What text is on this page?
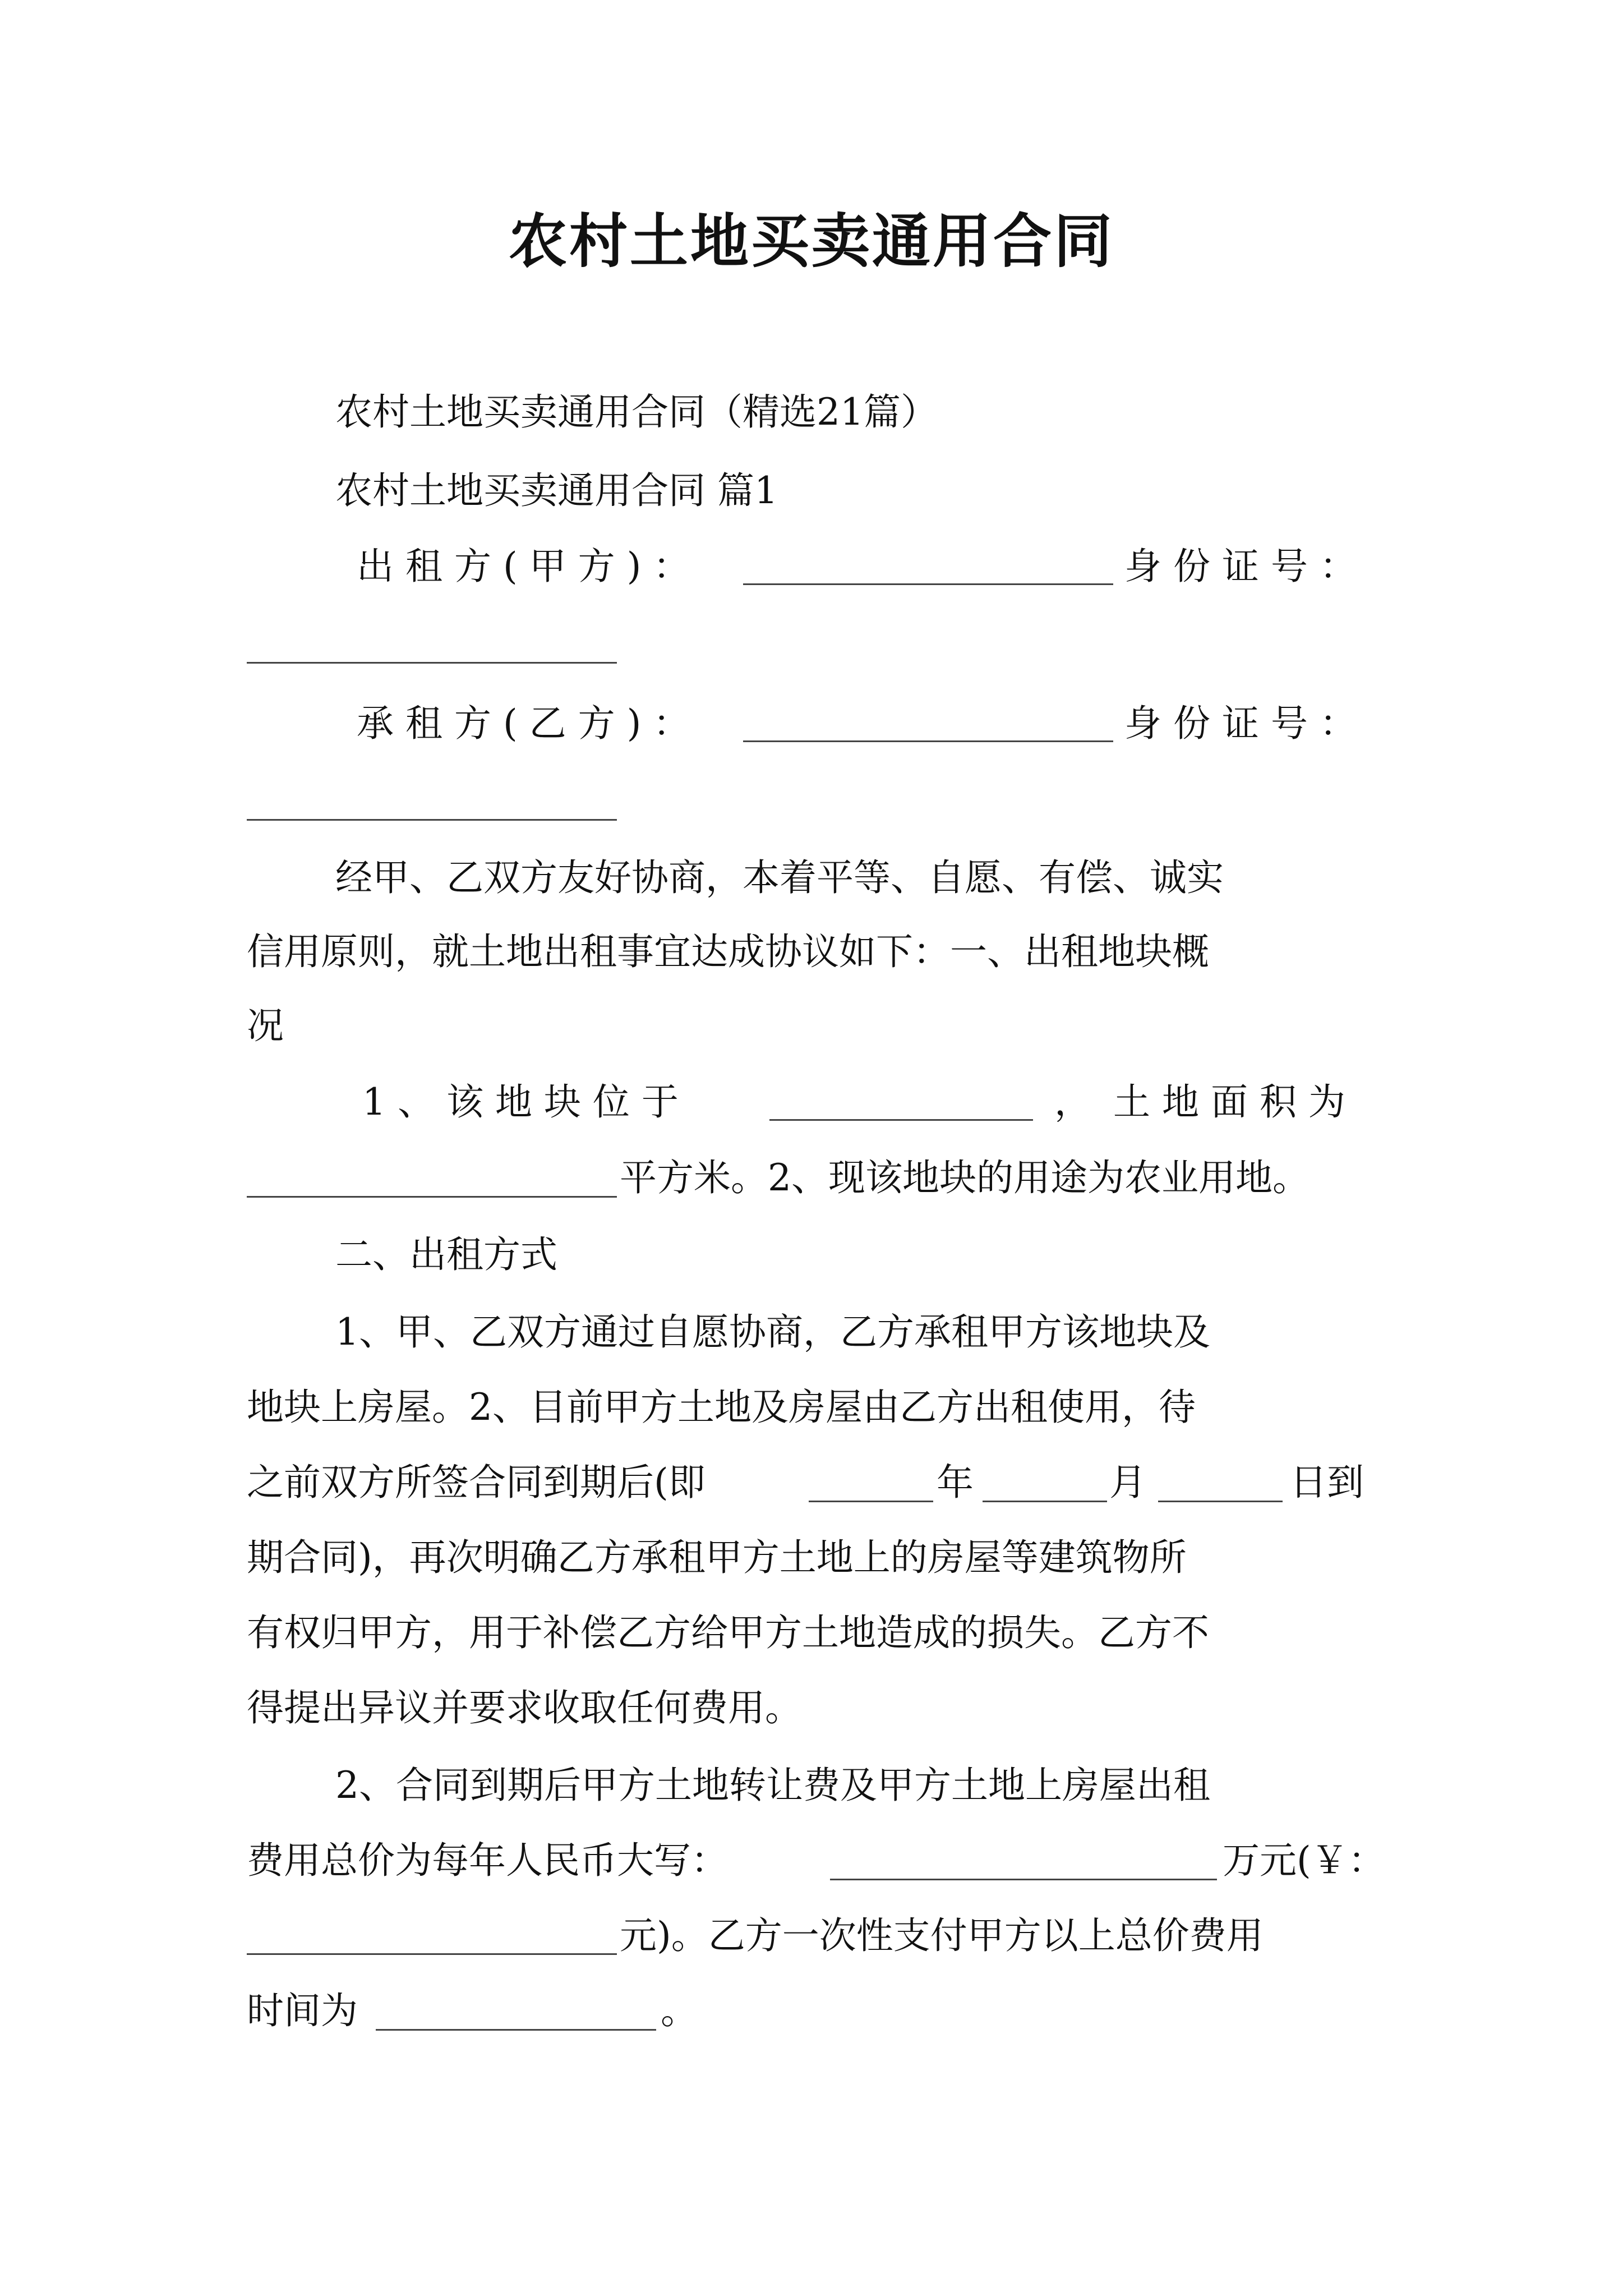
农村土地买卖通用合同
农村土地买卖通用合同（精选21篇）
农村土地买卖通用合同 篇1
出 租 方 ( 甲 方 ) ：	身 份 证 号 ：
承 租 方 ( 乙 方 ) ：	身 份 证 号 ：
经甲、乙双方友好协商，本着平等、自愿、有偿、诚实
信用原则，就土地出租事宜达成协议如下：一、出租地块概
况
1 、 该 地 块 位 于	， 土 地 面 积 为
平方米。2、现该地块的用途为农业用地。
二、出租方式
1、甲、乙双方通过自愿协商，乙方承租甲方该地块及
地块上房屋。2、目前甲方土地及房屋由乙方出租使用，待
之前双方所签合同到期后(即	年	月	日到
期合同)，再次明确乙方承租甲方土地上的房屋等建筑物所
有权归甲方，用于补偿乙方给甲方土地造成的损失。乙方不
得提出异议并要求收取任何费用。
2、合同到期后甲方土地转让费及甲方土地上房屋出租
费用总价为每年人民币大写：	万元(￥：
元)。乙方一次性支付甲方以上总价费用
时间为	。
